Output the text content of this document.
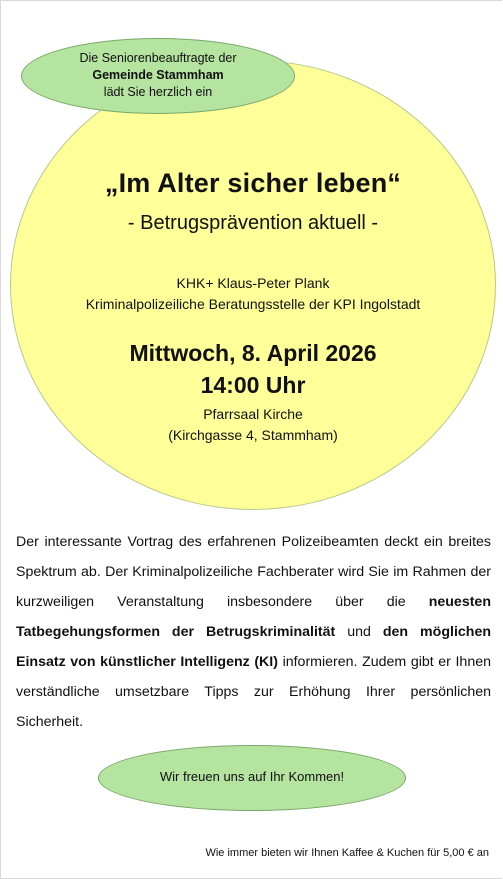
Die Seniorenbeauftragte der
Gemeinde Stammham
lädt Sie herzlich ein
„Im Alter sicher leben“
- Betrugsprävention aktuell -
KHK+ Klaus-Peter Plank
Kriminalpolizeiliche Beratungsstelle der KPI Ingolstadt
Mittwoch, 8. April 2026
14:00 Uhr
Pfarrsaal Kirche
(Kirchgasse 4, Stammham)
Der interessante Vortrag des erfahrenen Polizeibeamten deckt ein breites Spektrum ab. Der Kriminalpolizeiliche Fachberater wird Sie im Rahmen der kurzweiligen Veranstaltung insbesondere über die neuesten Tatbegehungsformen der Betrugskriminalität und den möglichen Einsatz von künstlicher Intelligenz (KI) informieren. Zudem gibt er Ihnen verständliche umsetzbare Tipps zur Erhöhung Ihrer persönlichen Sicherheit.
Wir freuen uns auf Ihr Kommen!
Wie immer bieten wir Ihnen Kaffee & Kuchen für 5,00 € an
